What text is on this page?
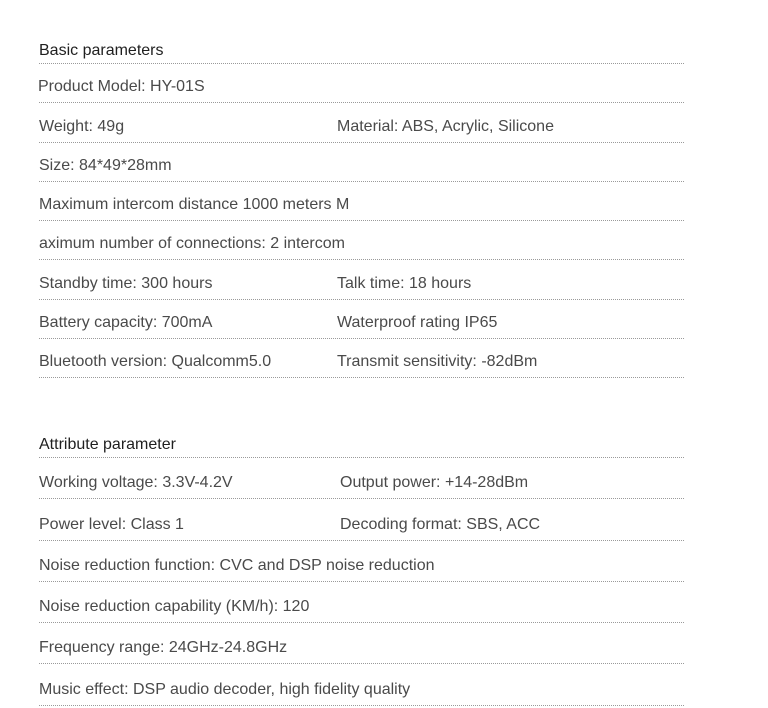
Basic parameters
Product Model: HY-01S
Weight: 49g	Material: ABS, Acrylic, Silicone
Size: 84*49*28mm
Maximum intercom distance 1000 meters M
aximum number of connections: 2 intercom
Standby time: 300 hours	Talk time: 18 hours
Battery capacity: 700mA	Waterproof rating IP65
Bluetooth version: Qualcomm5.0	Transmit sensitivity: -82dBm
Attribute parameter
Working voltage: 3.3V-4.2V	Output power: +14-28dBm
Power level: Class 1	Decoding format: SBS, ACC
Noise reduction function: CVC and DSP noise reduction
Noise reduction capability (KM/h): 120
Frequency range: 24GHz-24.8GHz
Music effect: DSP audio decoder, high fidelity quality
